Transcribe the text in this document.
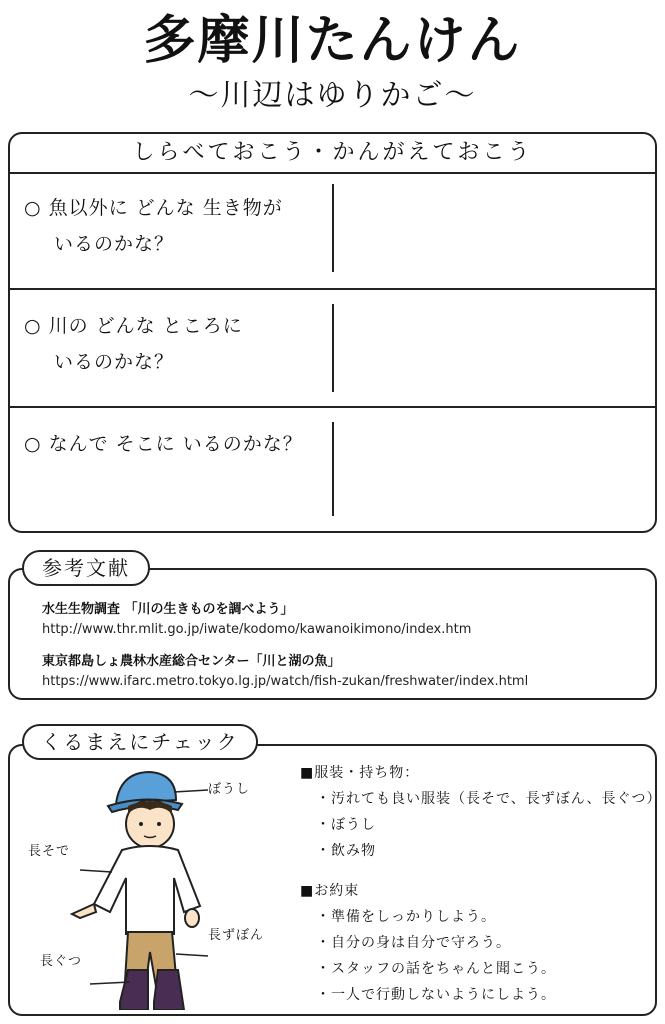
多摩川たんけん
〜川辺はゆりかご〜
しらべておこう・かんがえておこう
○ 魚以外に どんな 生き物が
いるのかな？
○ 川の どんな ところに
いるのかな？
○ なんで そこに いるのかな？
水生生物調査 「川の生きものを調べよう」
http://www.thr.mlit.go.jp/iwate/kodomo/kawanoikimono/index.htm
東京都島しょ農林水産総合センター「川と湖の魚」
https://www.ifarc.metro.tokyo.lg.jp/watch/fish-zukan/freshwater/index.html
参考文献
ぼうし
長そで
長ずぼん
長ぐつ
■服装・持ち物：
・汚れても良い服装（長そで、長ずぼん、長ぐつ）
・ぼうし
・飲み物
■お約束
・準備をしっかりしよう。
・自分の身は自分で守ろう。
・スタッフの話をちゃんと聞こう。
・一人で行動しないようにしよう。
くるまえにチェック
